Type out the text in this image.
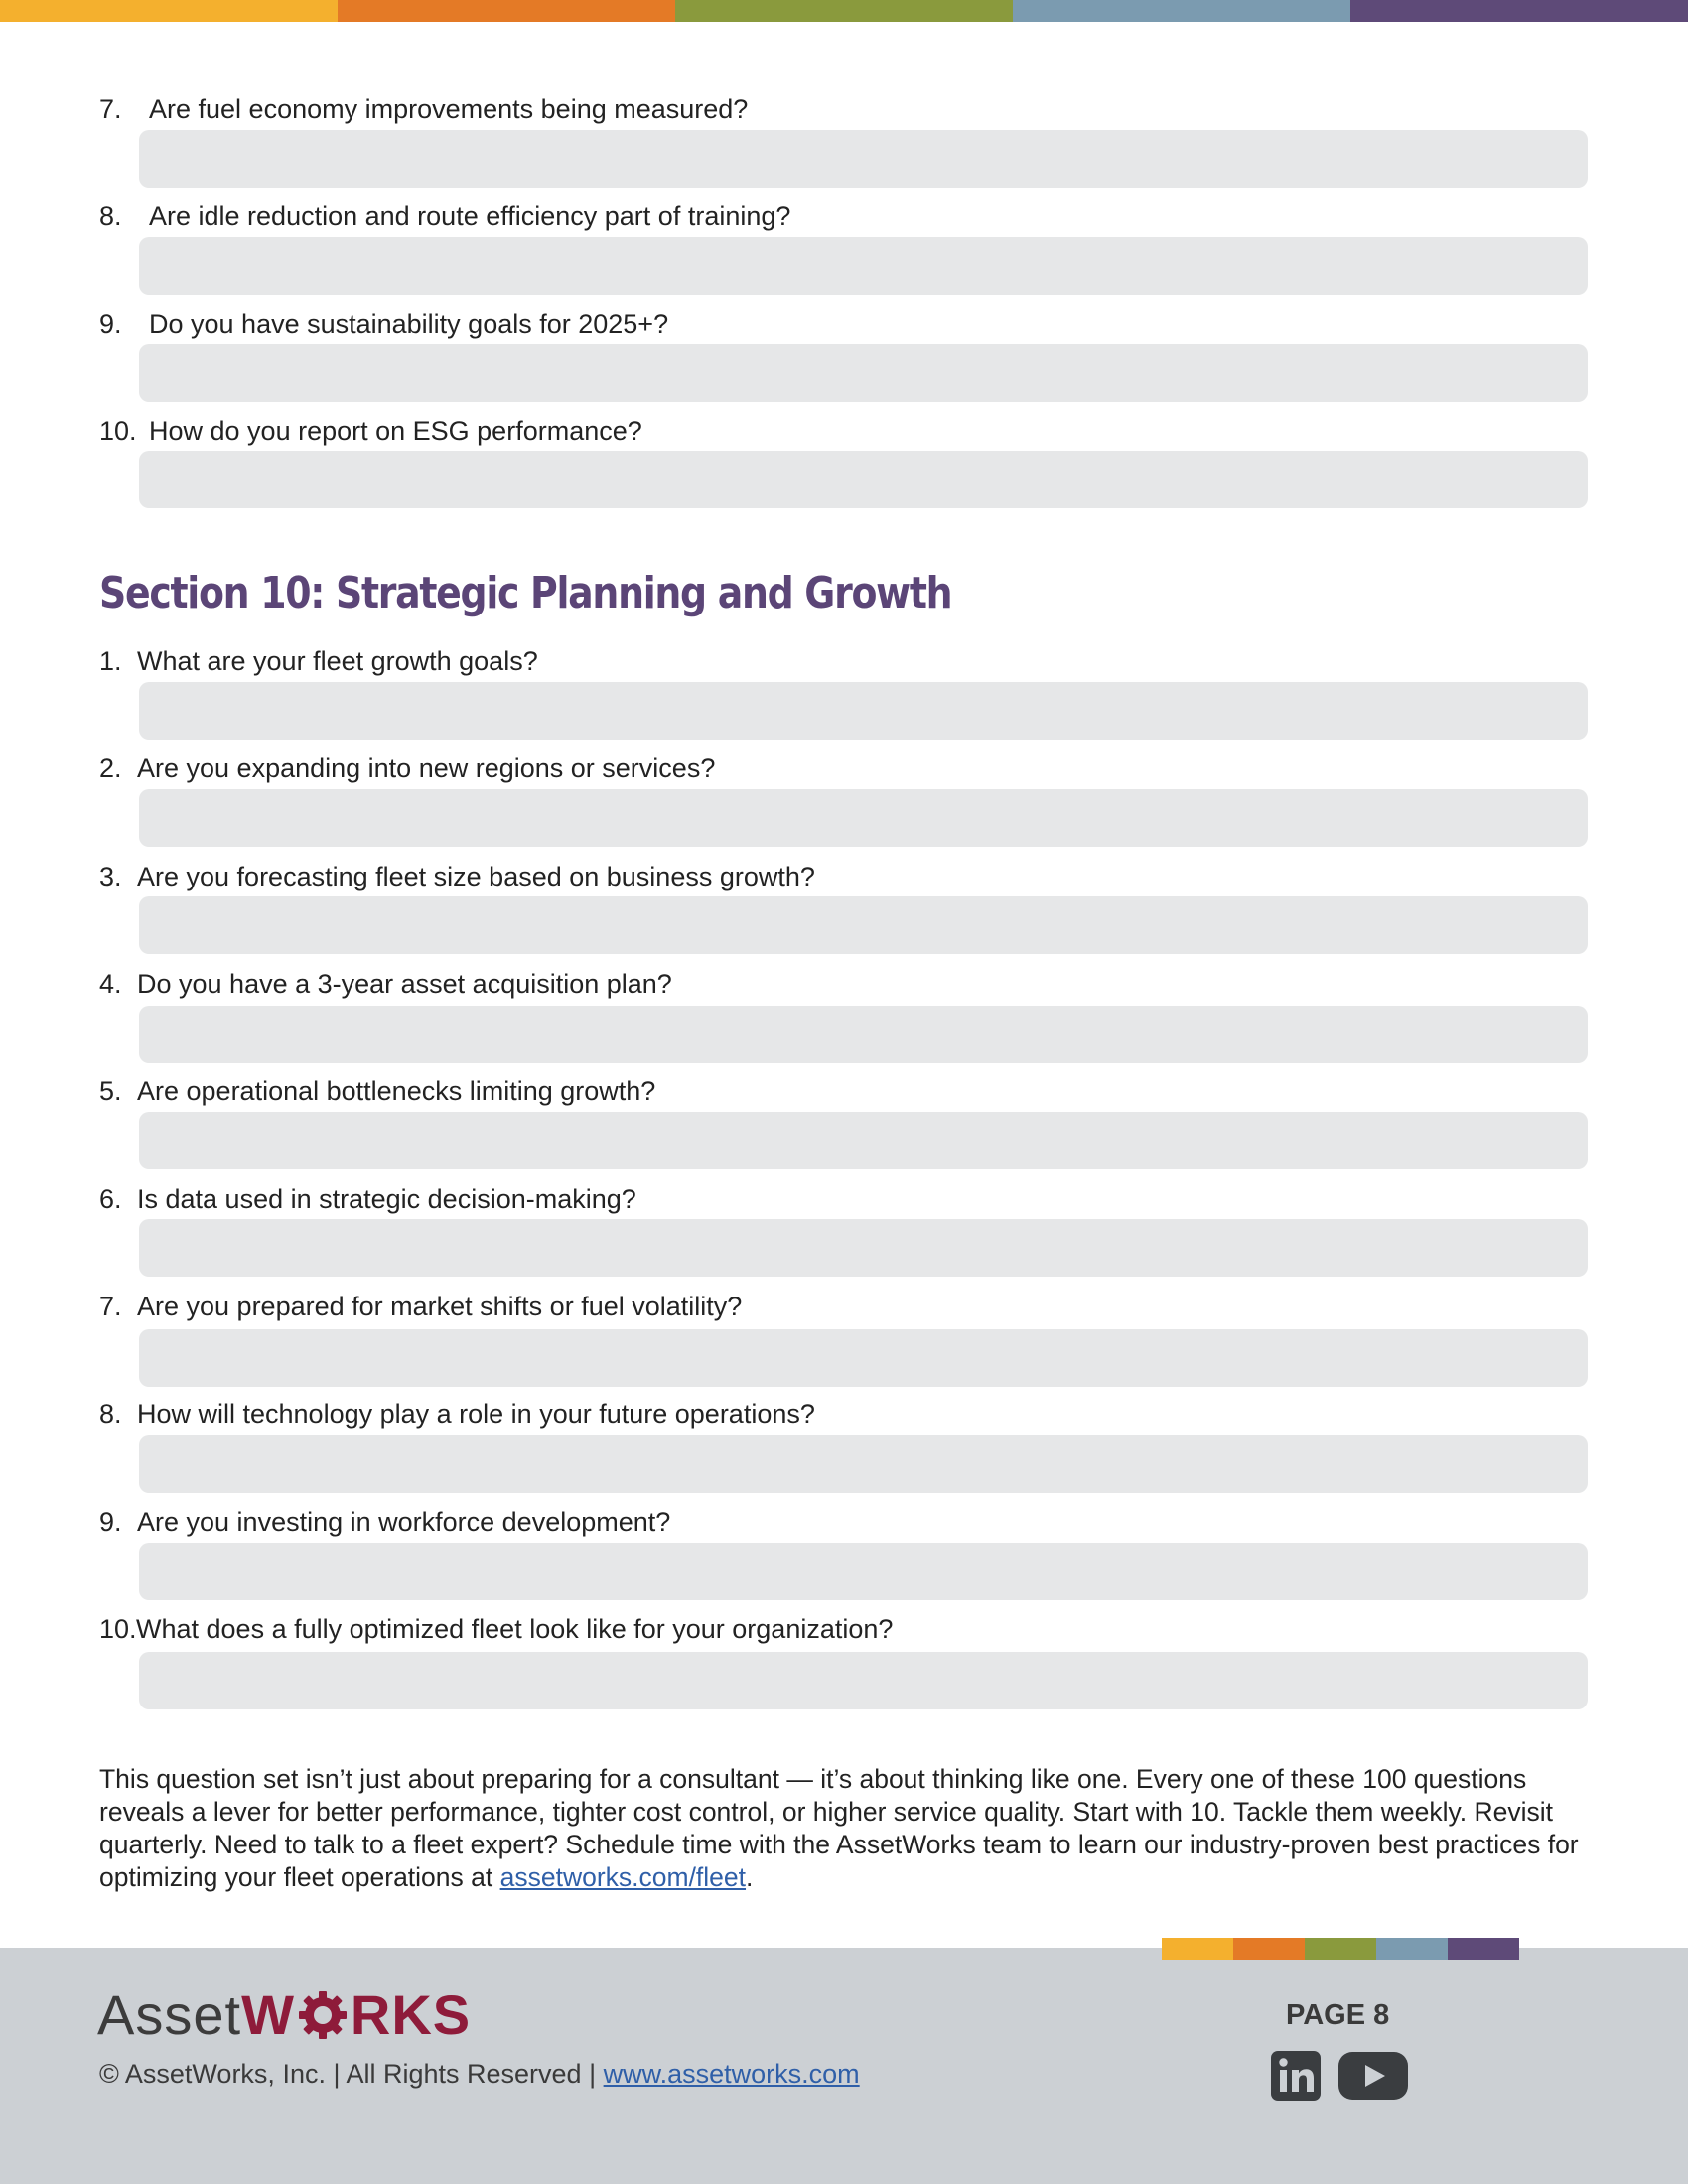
7.	Are fuel economy improvements being measured?
8.	Are idle reduction and route efficiency part of training?
9.	Do you have sustainability goals for 2025+?
10. How do you report on ESG performance?
Section 10: Strategic Planning and Growth
1. What are your fleet growth goals?
2. Are you expanding into new regions or services?
3. Are you forecasting fleet size based on business growth?
4. Do you have a 3-year asset acquisition plan?
5. Are operational bottlenecks limiting growth?
6. Is data used in strategic decision-making?
7. Are you prepared for market shifts or fuel volatility?
8. How will technology play a role in your future operations?
9. Are you investing in workforce development?
10. What does a fully optimized fleet look like for your organization?
This question set isn’t just about preparing for a consultant — it’s about thinking like one. Every one of these 100 questions reveals a lever for better performance, tighter cost control, or higher service quality. Start with 10. Tackle them weekly. Revisit quarterly. Need to talk to a fleet expert? Schedule time with the AssetWorks team to learn our industry-proven best practices for optimizing your fleet operations at assetworks.com/fleet.
Asset W RKS
© AssetWorks, Inc. | All Rights Reserved | www.assetworks.com
PAGE 8
